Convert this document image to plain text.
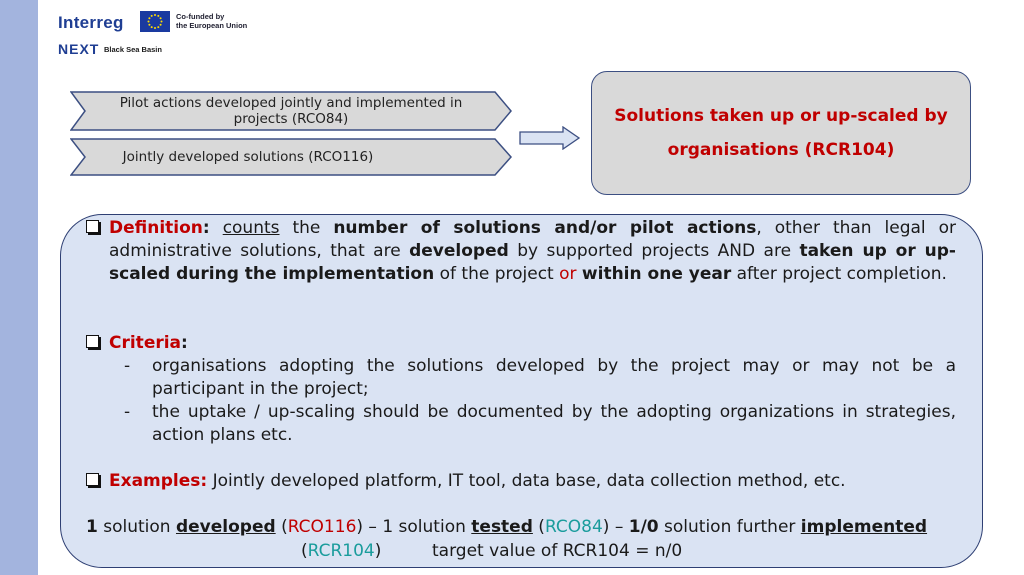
Interreg	Co-funded by
the European Union
NEXT Black Sea Basin
Pilot actions developed jointly and implemented in projects (RCO84)
Jointly developed solutions (RCO116)
Solutions taken up or up-scaled by organisations (RCR104)
Definition: counts the number of solutions and/or pilot actions, other than legal or administrative solutions, that are developed by supported projects AND are taken up or up-scaled during the implementation of the project or within one year after project completion.
Criteria:
- organisations adopting the solutions developed by the project may or may not be a participant in the project;
- the uptake / up-scaling should be documented by the adopting organizations in strategies, action plans etc.
Examples: Jointly developed platform, IT tool, data base, data collection method, etc.
1 solution developed (RCO116) – 1 solution tested (RCO84) – 1/0 solution further implemented
(RCR104)	target value of RCR104 = n/0
